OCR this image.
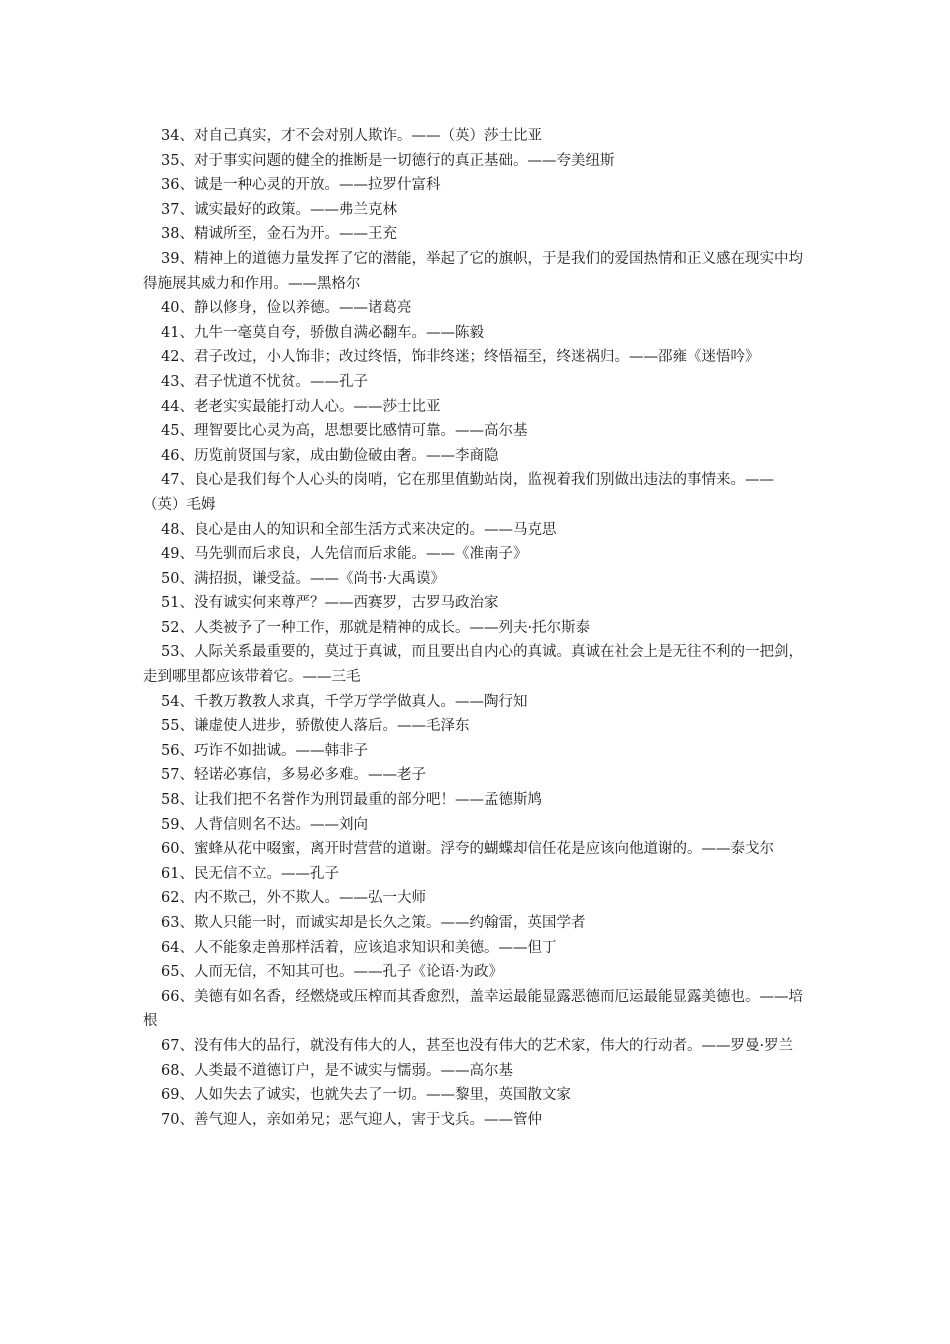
34、对自己真实，才不会对别人欺诈。——（英）莎士比亚

35、对于事实问题的健全的推断是一切德行的真正基础。——夸美纽斯

36、诚是一种心灵的开放。——拉罗什富科

37、诚实最好的政策。——弗兰克林

38、精诚所至，金石为开。——王充

39、精神上的道德力量发挥了它的潜能，举起了它的旗帜，于是我们的爱国热情和正义感在现实中均得施展其威力和作用。——黑格尔

40、静以修身，俭以养德。——诸葛亮

41、九牛一毫莫自夸，骄傲自满必翻车。——陈毅

42、君子改过，小人饰非；改过终悟，饰非终迷；终悟福至，终迷祸归。——邵雍《迷悟吟》

43、君子忧道不忧贫。——孔子

44、老老实实最能打动人心。——莎士比亚

45、理智要比心灵为高，思想要比感情可靠。——高尔基

46、历览前贤国与家，成由勤俭破由奢。——李商隐

47、良心是我们每个人心头的岗哨，它在那里值勤站岗，监视着我们别做出违法的事情来。——（英）毛姆

48、良心是由人的知识和全部生活方式来决定的。——马克思

49、马先驯而后求良，人先信而后求能。——《准南子》

50、满招损，谦受益。——《尚书·大禹谟》

51、没有诚实何来尊严？——西赛罗，古罗马政治家

52、人类被予了一种工作，那就是精神的成长。——列夫·托尔斯泰

53、人际关系最重要的，莫过于真诚，而且要出自内心的真诚。真诚在社会上是无往不利的一把剑，走到哪里都应该带着它。——三毛

54、千教万教教人求真，千学万学学做真人。——陶行知

55、谦虚使人进步，骄傲使人落后。——毛泽东

56、巧诈不如拙诚。——韩非子

57、轻诺必寡信，多易必多难。——老子

58、让我们把不名誉作为刑罚最重的部分吧！——孟德斯鸠

59、人背信则名不达。——刘向

60、蜜蜂从花中啜蜜，离开时营营的道谢。浮夸的蝴蝶却信任花是应该向他道谢的。——泰戈尔

61、民无信不立。——孔子

62、内不欺己，外不欺人。——弘一大师

63、欺人只能一时，而诚实却是长久之策。——约翰雷，英国学者

64、人不能象走兽那样活着，应该追求知识和美德。——但丁

65、人而无信，不知其可也。——孔子《论语·为政》

66、美德有如名香，经燃烧或压榨而其香愈烈，盖幸运最能显露恶德而厄运最能显露美德也。——培根

67、没有伟大的品行，就没有伟大的人，甚至也没有伟大的艺术家，伟大的行动者。——罗曼·罗兰

68、人类最不道德订户，是不诚实与懦弱。——高尔基

69、人如失去了诚实，也就失去了一切。——黎里，英国散文家

70、善气迎人，亲如弟兄；恶气迎人，害于戈兵。——管仲
